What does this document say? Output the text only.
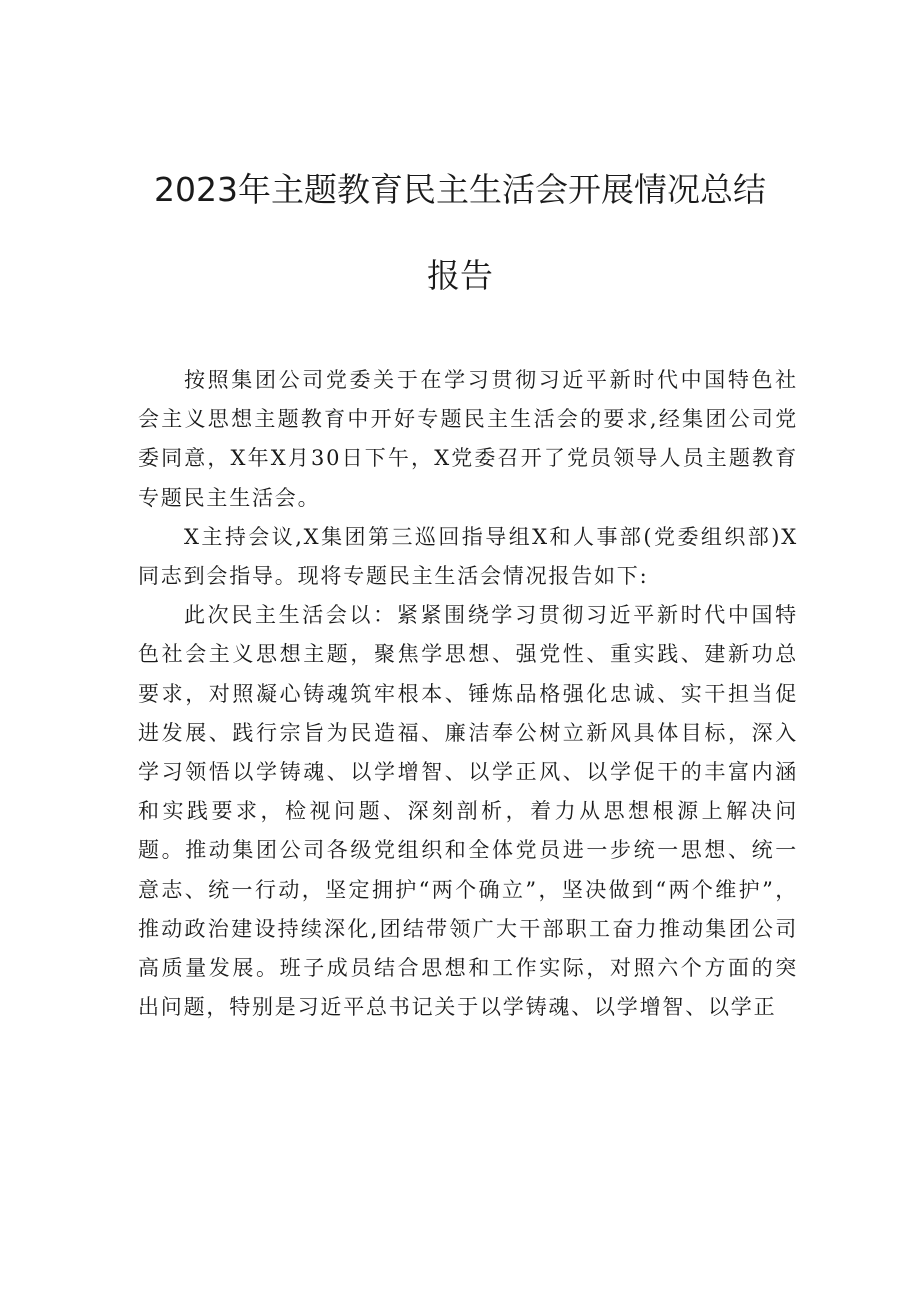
2023年主题教育民主生活会开展情况总结
报告

按照集团公司党委关于在学习贯彻习近平新时代中国特色社会主义思想主题教育中开好专题民主生活会的要求,经集团公司党委同意，X年X月30日下午，X党委召开了党员领导人员主题教育专题民主生活会。

X主持会议,X集团第三巡回指导组X和人事部(党委组织部)X同志到会指导。现将专题民主生活会情况报告如下:

此次民主生活会以：紧紧围绕学习贯彻习近平新时代中国特色社会主义思想主题，聚焦学思想、强党性、重实践、建新功总要求，对照凝心铸魂筑牢根本、锤炼品格强化忠诚、实干担当促进发展、践行宗旨为民造福、廉洁奉公树立新风具体目标，深入学习领悟以学铸魂、以学增智、以学正风、以学促干的丰富内涵和实践要求，检视问题、深刻剖析，着力从思想根源上解决问题。推动集团公司各级党组织和全体党员进一步统一思想、统一意志、统一行动，坚定拥护“两个确立”，坚决做到“两个维护”，推动政治建设持续深化,团结带领广大干部职工奋力推动集团公司高质量发展。班子成员结合思想和工作实际，对照六个方面的突出问题，特别是习近平总书记关于以学铸魂、以学增智、以学正
